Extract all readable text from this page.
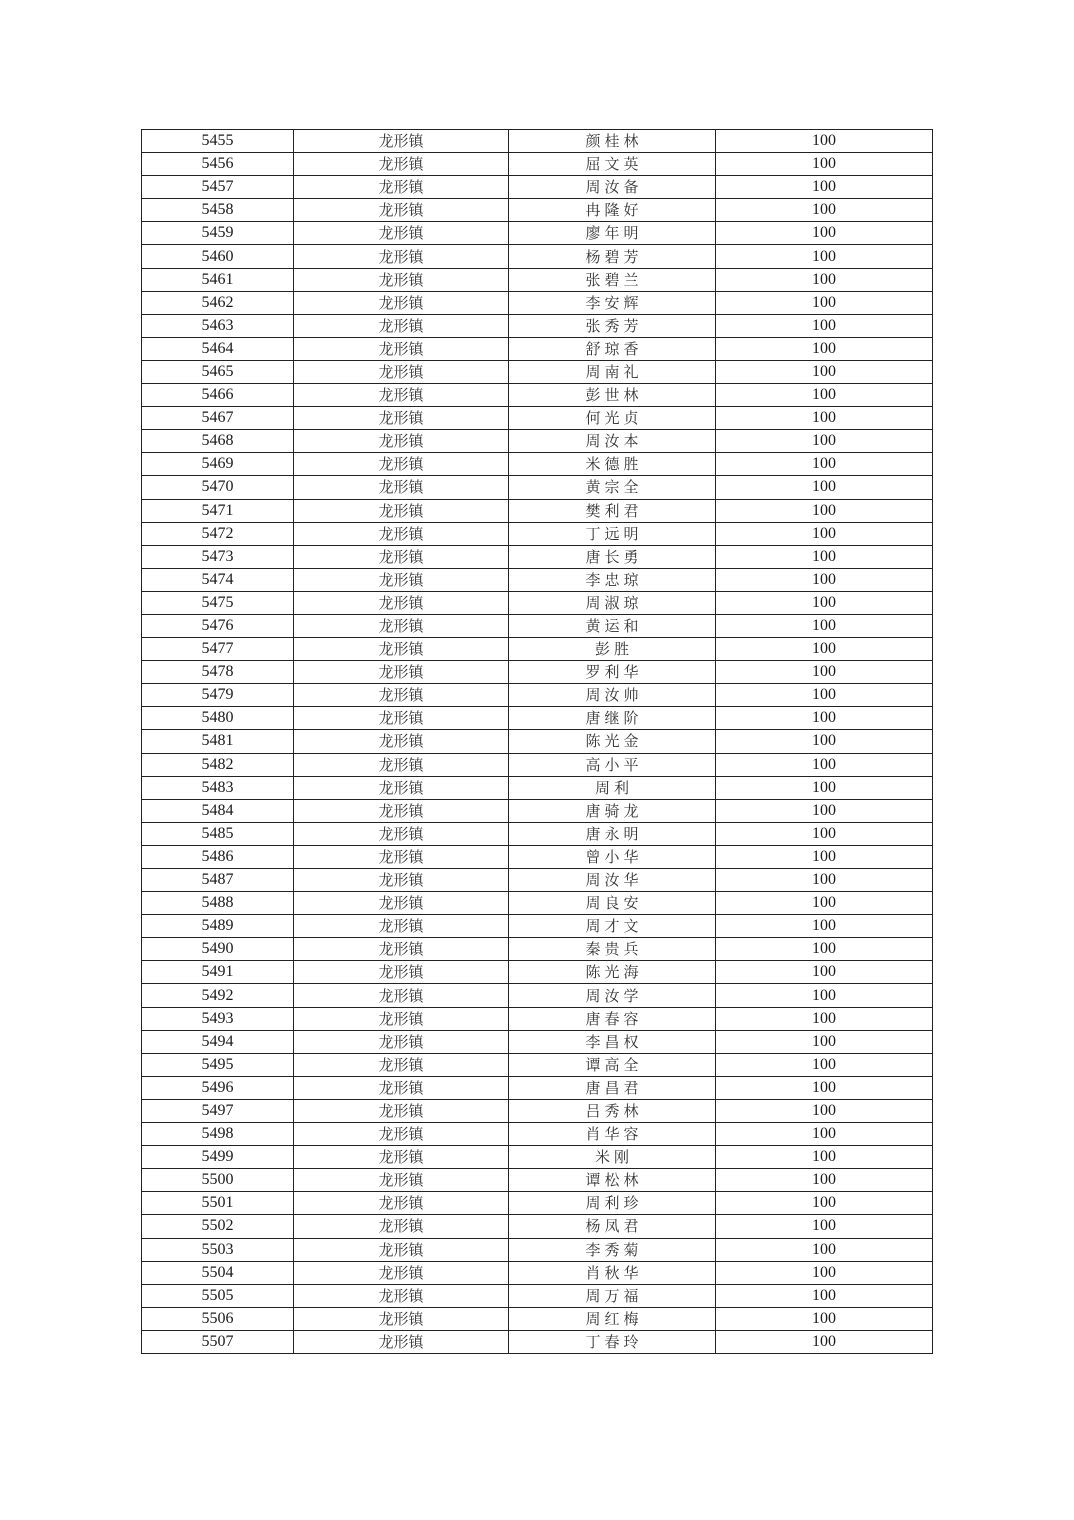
5455	龙形镇	颜桂林	100
5456	龙形镇	屈文英	100
5457	龙形镇	周汝备	100
5458	龙形镇	冉隆好	100
5459	龙形镇	廖年明	100
5460	龙形镇	杨碧芳	100
5461	龙形镇	张碧兰	100
5462	龙形镇	李安辉	100
5463	龙形镇	张秀芳	100
5464	龙形镇	舒琼香	100
5465	龙形镇	周南礼	100
5466	龙形镇	彭世林	100
5467	龙形镇	何光贞	100
5468	龙形镇	周汝本	100
5469	龙形镇	米德胜	100
5470	龙形镇	黄宗全	100
5471	龙形镇	樊利君	100
5472	龙形镇	丁远明	100
5473	龙形镇	唐长勇	100
5474	龙形镇	李忠琼	100
5475	龙形镇	周淑琼	100
5476	龙形镇	黄运和	100
5477	龙形镇	彭胜	100
5478	龙形镇	罗利华	100
5479	龙形镇	周汝帅	100
5480	龙形镇	唐继阶	100
5481	龙形镇	陈光金	100
5482	龙形镇	高小平	100
5483	龙形镇	周利	100
5484	龙形镇	唐骑龙	100
5485	龙形镇	唐永明	100
5486	龙形镇	曾小华	100
5487	龙形镇	周汝华	100
5488	龙形镇	周良安	100
5489	龙形镇	周才文	100
5490	龙形镇	秦贵兵	100
5491	龙形镇	陈光海	100
5492	龙形镇	周汝学	100
5493	龙形镇	唐春容	100
5494	龙形镇	李昌权	100
5495	龙形镇	谭高全	100
5496	龙形镇	唐昌君	100
5497	龙形镇	吕秀林	100
5498	龙形镇	肖华容	100
5499	龙形镇	米刚	100
5500	龙形镇	谭松林	100
5501	龙形镇	周利珍	100
5502	龙形镇	杨凤君	100
5503	龙形镇	李秀菊	100
5504	龙形镇	肖秋华	100
5505	龙形镇	周万福	100
5506	龙形镇	周红梅	100
5507	龙形镇	丁春玲	100
